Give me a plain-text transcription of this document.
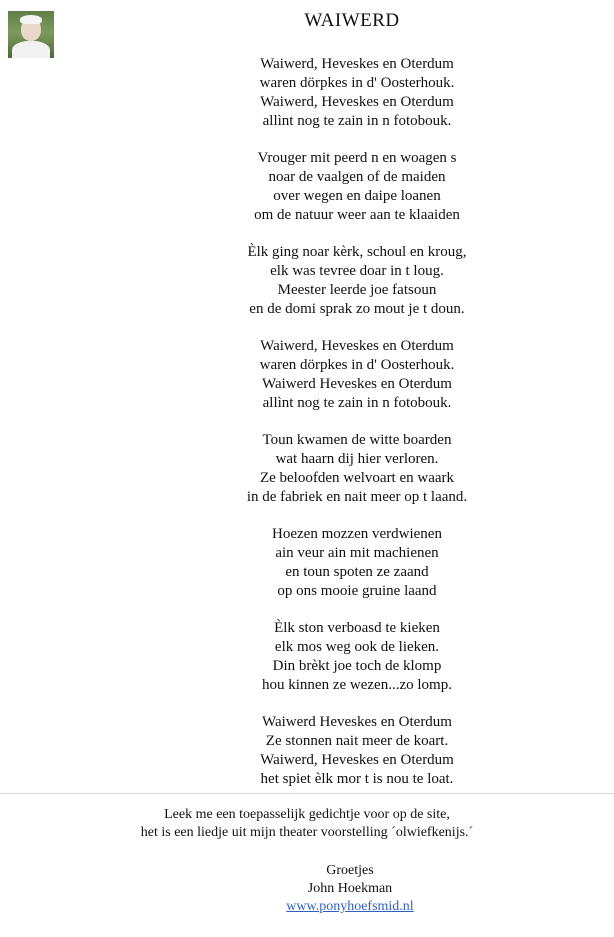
WAIWERD
Waiwerd, Heveskes en Oterdum
waren dörpkes in d' Oosterhouk.
Waiwerd, Heveskes en Oterdum
allìnt nog te zain in n fotobouk.
Vrouger mit peerd n en woagen s
noar de vaalgen of de maiden
over wegen en daipe loanen
om de natuur weer aan te klaaiden
Èlk ging noar kèrk, schoul en kroug,
elk was tevree doar in t loug.
Meester leerde joe fatsoun
en de domi sprak zo mout je t doun.
Waiwerd, Heveskes en Oterdum
waren dörpkes in d' Oosterhouk.
Waiwerd Heveskes en Oterdum
allìnt nog te zain in n fotobouk.
Toun kwamen de witte boarden
wat haarn dij hier verloren.
Ze beloofden welvoart en waark
in de fabriek en nait meer op t laand.
Hoezen mozzen verdwienen
ain veur ain mit machienen
en toun spoten ze zaand
op ons mooie gruine laand
Èlk ston verboasd te kieken
elk mos weg ook de lieken.
Din brèkt joe toch de klomp
hou kinnen ze wezen...zo lomp.
Waiwerd Heveskes en Oterdum
Ze stonnen nait meer de koart.
Waiwerd, Heveskes en Oterdum
het spiet èlk mor t is nou te loat.
Leek me een toepasselijk gedichtje voor op de site,
het is een liedje uit mijn theater voorstelling ´olwiefkenijs.´
Groetjes
John Hoekman
www.ponyhoefsmid.nl
